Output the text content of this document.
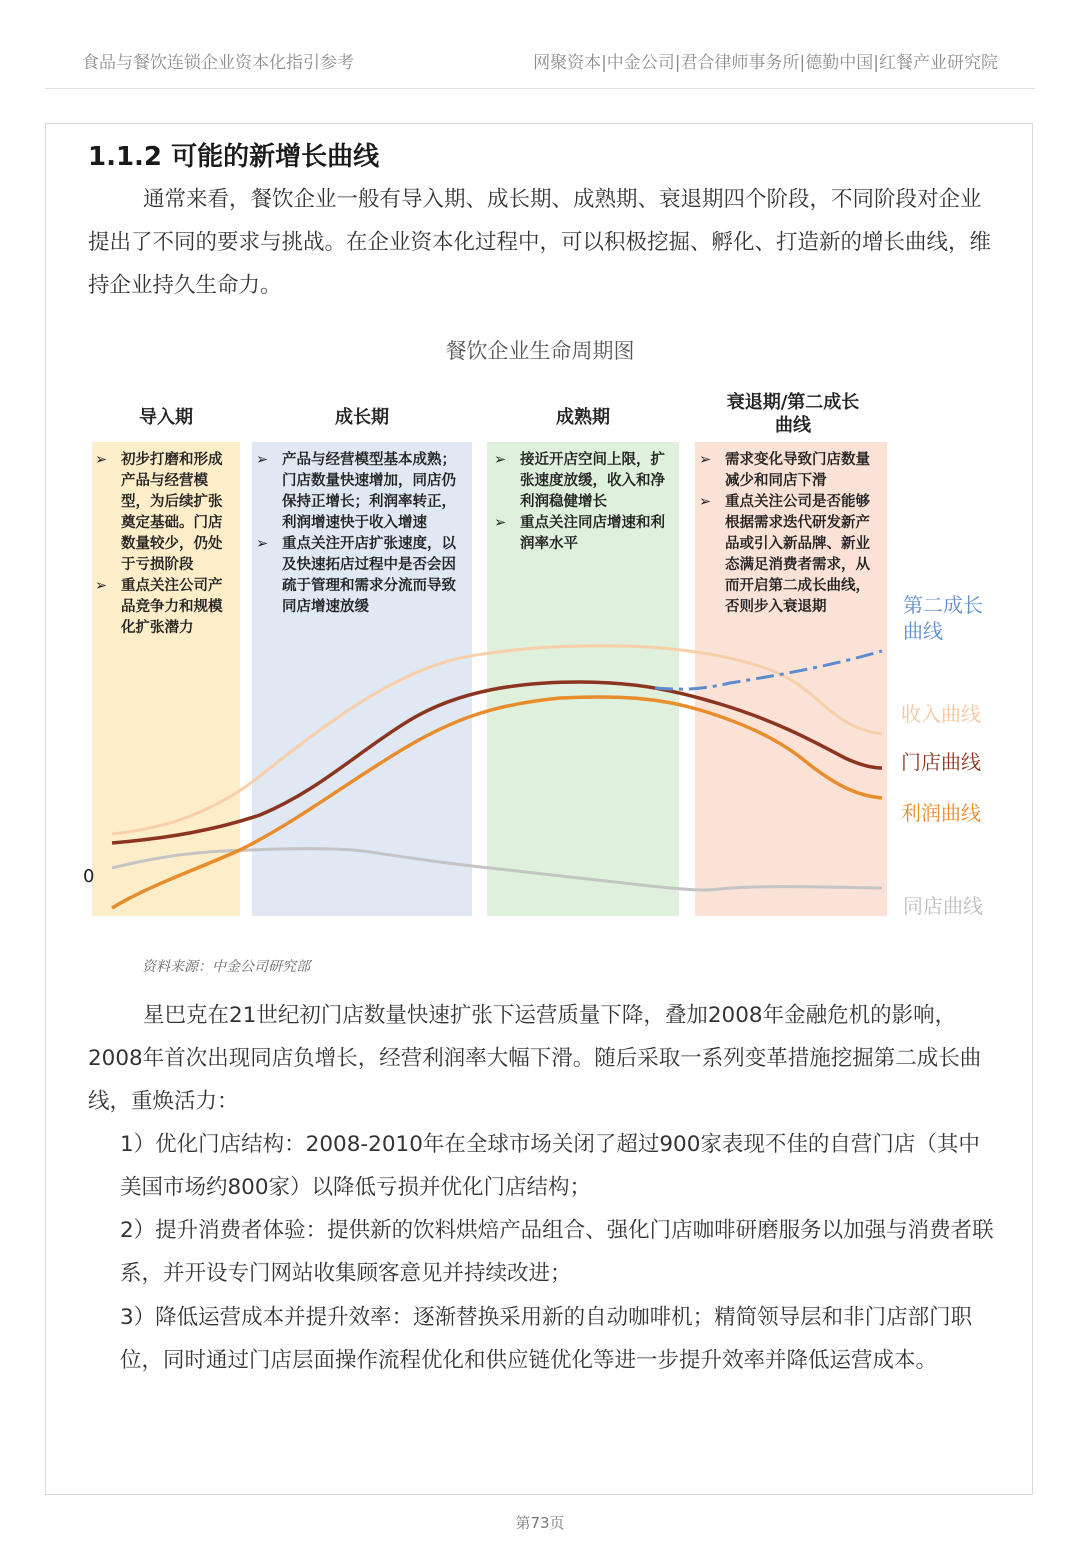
食品与餐饮连锁企业资本化指引参考	网聚资本|中金公司|君合律师事务所|德勤中国|红餐产业研究院
1.1.2 可能的新增长曲线

通常来看，餐饮企业一般有导入期、成长期、成熟期、衰退期四个阶段，不同阶段对企业提出了不同的要求与挑战。在企业资本化过程中，可以积极挖掘、孵化、打造新的增长曲线，维持企业持久生命力。

餐饮企业生命周期图
导入期	成长期	成熟期
衰退期/第二成长曲线
➢ 初步打磨和形成产品与经营模型，为后续扩张奠定基础。门店数量较少，仍处于亏损阶段
➢ 重点关注公司产品竞争力和规模化扩张潜力
➢ 产品与经营模型基本成熟；门店数量快速增加，同店仍保持正增长；利润率转正，利润增速快于收入增速
➢ 重点关注开店扩张速度，以及快速拓店过程中是否会因疏于管理和需求分流而导致同店增速放缓
➢ 接近开店空间上限，扩张速度放缓，收入和净利润稳健增长
➢ 重点关注同店增速和利润率水平
➢ 需求变化导致门店数量减少和同店下滑
➢ 重点关注公司是否能够根据需求迭代研发新产品或引入新品牌、新业态满足消费者需求，从而开启第二成长曲线，否则步入衰退期	第二成长曲线
收入曲线
门店曲线
利润曲线
同店曲线
0
资料来源：中金公司研究部

星巴克在21世纪初门店数量快速扩张下运营质量下降，叠加2008年金融危机的影响，2008年首次出现同店负增长，经营利润率大幅下滑。随后采取一系列变革措施挖掘第二成长曲线，重焕活力：

1）优化门店结构：2008-2010年在全球市场关闭了超过900家表现不佳的自营门店（其中美国市场约800家）以降低亏损并优化门店结构；

2）提升消费者体验：提供新的饮料烘焙产品组合、强化门店咖啡研磨服务以加强与消费者联系，并开设专门网站收集顾客意见并持续改进；

3）降低运营成本并提升效率：逐渐替换采用新的自动咖啡机；精简领导层和非门店部门职位，同时通过门店层面操作流程优化和供应链优化等进一步提升效率并降低运营成本。

第73页
